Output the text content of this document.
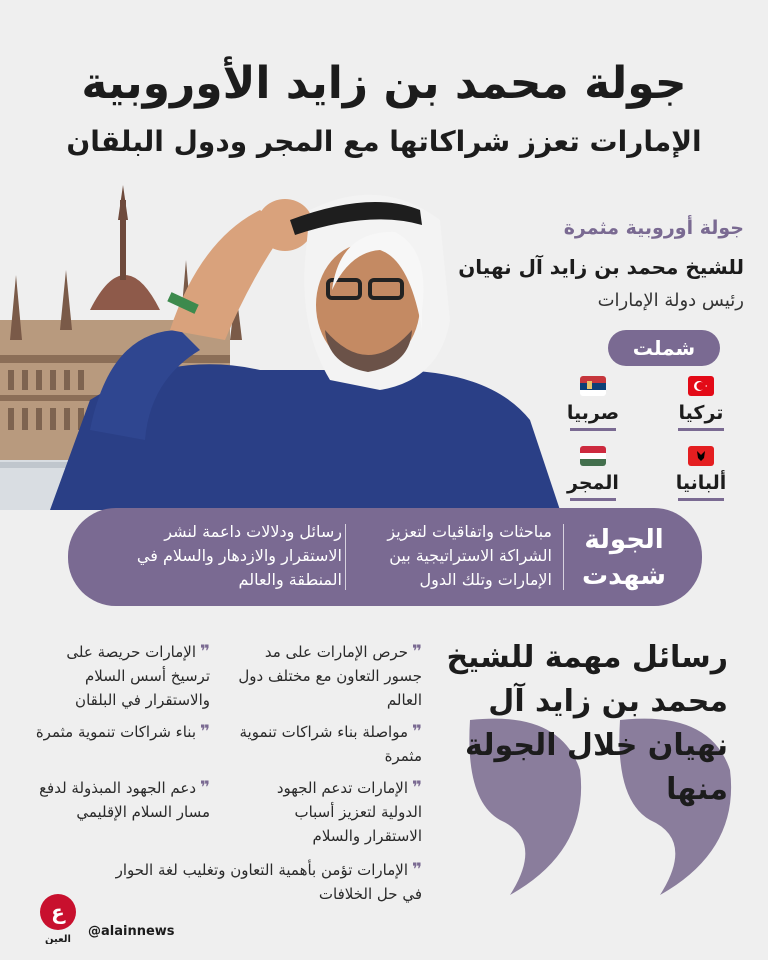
جولة محمد بن زايد الأوروبية
الإمارات تعزز شراكاتها مع المجر ودول البلقان
جولة أوروبية مثمرة
للشيخ محمد بن زايد آل نهيان
رئيس دولة الإمارات
شملت
تركيا
صربيا
ألبانيا
المجر
الجولة
شهدت
مباحثات واتفاقيات لتعزيز الشراكة الاستراتيجية بين الإمارات وتلك الدول
رسائل ودلالات داعمة لنشر الاستقرار والازدهار والسلام في المنطقة والعالم
رسائل مهمة للشيخ محمد بن زايد آل نهيان خلال الجولة منها
❞حرص الإمارات على مد جسور التعاون مع مختلف دول العالم
❞الإمارات حريصة على ترسيخ أسس السلام والاستقرار في البلقان
❞مواصلة بناء شراكات تنموية مثمرة
❞بناء شراكات تنموية مثمرة
❞الإمارات تدعم الجهود الدولية لتعزيز أسباب الاستقرار والسلام
❞دعم الجهود المبذولة لدفع مسار السلام الإقليمي
❞الإمارات تؤمن بأهمية التعاون وتغليب لغة الحوار في حل الخلافات
ع
العين
@alainnews
